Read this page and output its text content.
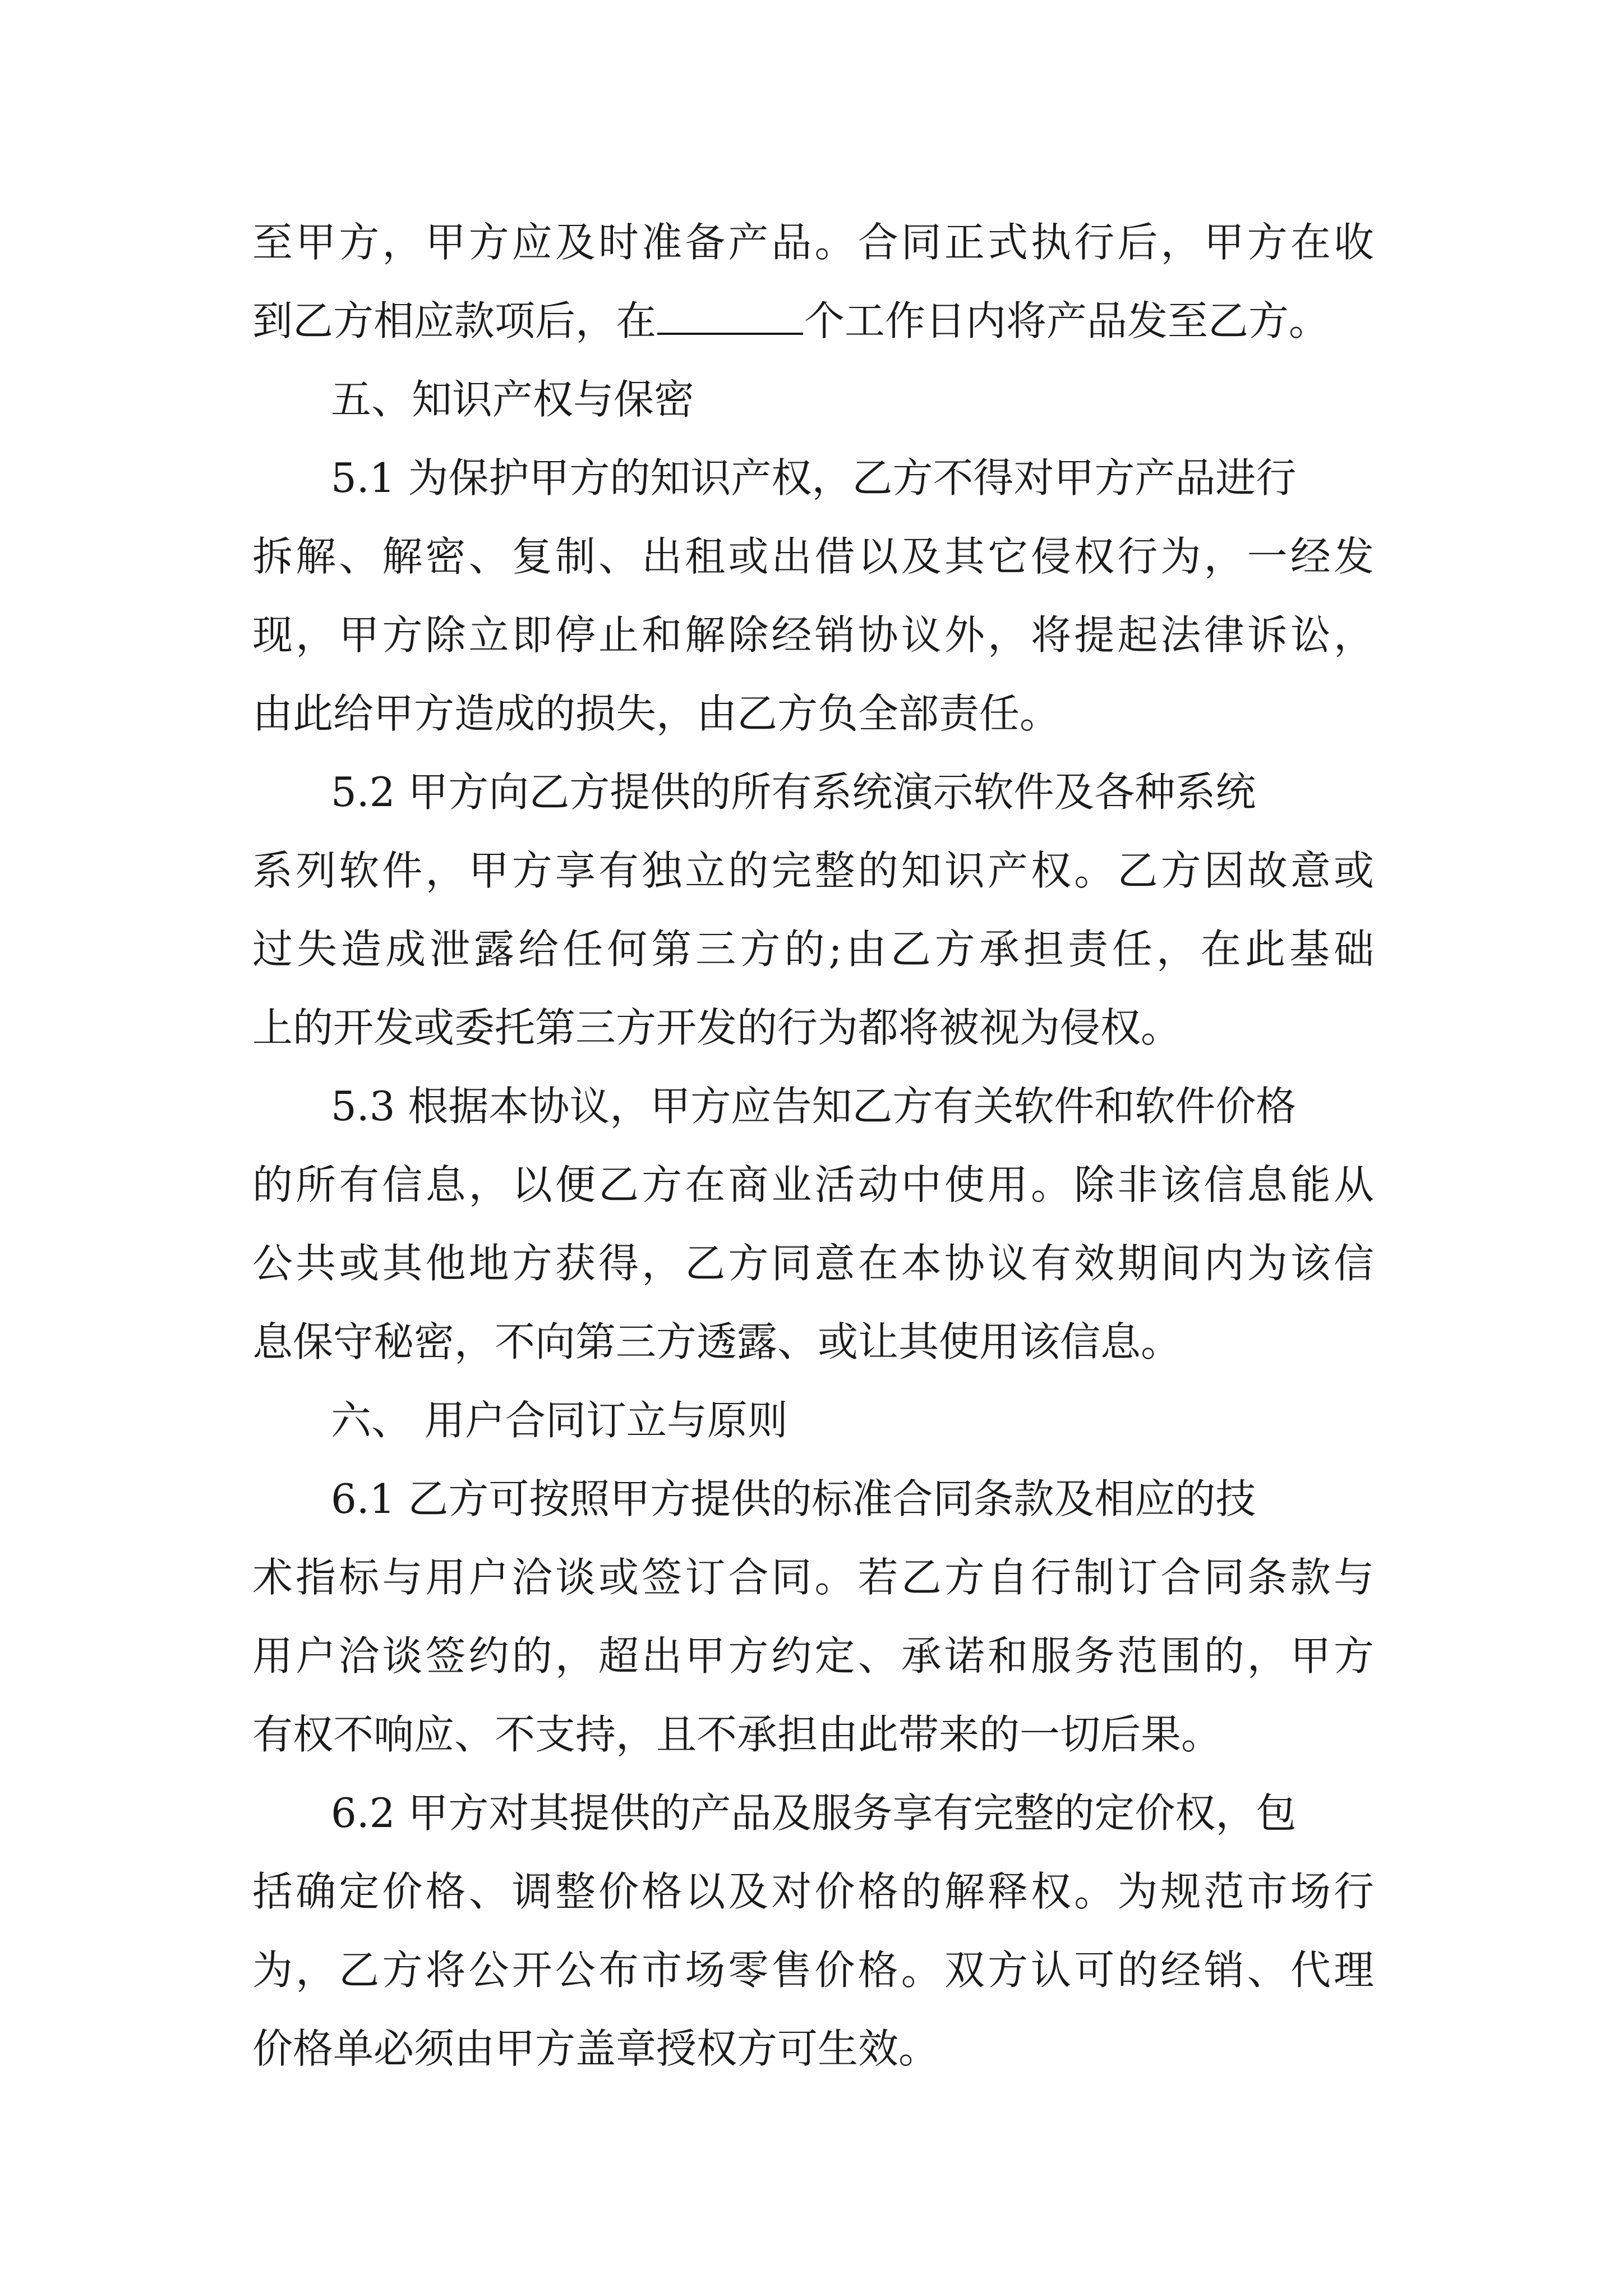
至甲方，甲方应及时准备产品。合同正式执行后，甲方在收
到乙方相应款项后，在	个工作日内将产品发至乙方。
五、知识产权与保密
5.1 为保护甲方的知识产权，乙方不得对甲方产品进行
拆解、解密、复制、出租或出借以及其它侵权行为，一经发
现，甲方除立即停止和解除经销协议外，将提起法律诉讼，
由此给甲方造成的损失，由乙方负全部责任。
5.2 甲方向乙方提供的所有系统演示软件及各种系统
系列软件，甲方享有独立的完整的知识产权。乙方因故意或
过失造成泄露给任何第三方的;由乙方承担责任，在此基础
上的开发或委托第三方开发的行为都将被视为侵权。
5.3 根据本协议，甲方应告知乙方有关软件和软件价格
的所有信息，以便乙方在商业活动中使用。除非该信息能从
公共或其他地方获得，乙方同意在本协议有效期间内为该信
息保守秘密，不向第三方透露、或让其使用该信息。
六、 用户合同订立与原则
6.1 乙方可按照甲方提供的标准合同条款及相应的技
术指标与用户洽谈或签订合同。若乙方自行制订合同条款与
用户洽谈签约的，超出甲方约定、承诺和服务范围的，甲方
有权不响应、不支持，且不承担由此带来的一切后果。
6.2 甲方对其提供的产品及服务享有完整的定价权，包
括确定价格、调整价格以及对价格的解释权。为规范市场行
为，乙方将公开公布市场零售价格。双方认可的经销、代理
价格单必须由甲方盖章授权方可生效。
